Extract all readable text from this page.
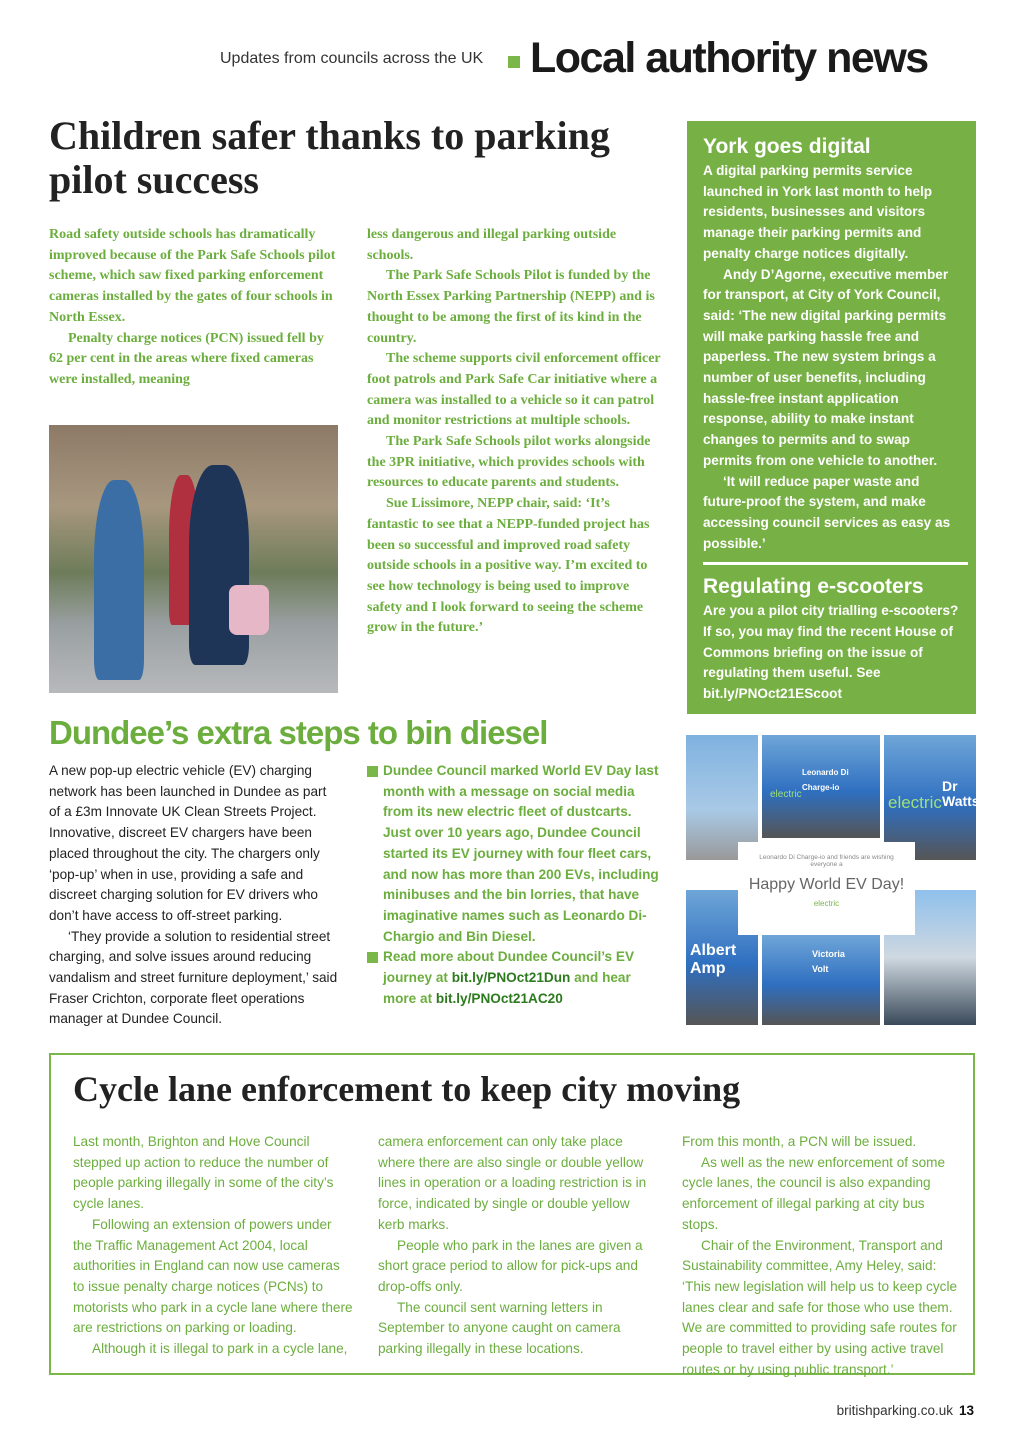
Updates from councils across the UK Local authority news
Children safer thanks to parking pilot success

Road safety outside schools has dramatically improved because of the Park Safe Schools pilot scheme, which saw fixed parking enforcement cameras installed by the gates of four schools in North Essex.

Penalty charge notices (PCN) issued fell by 62 per cent in the areas where fixed cameras were installed, meaning

less dangerous and illegal parking outside schools.

The Park Safe Schools Pilot is funded by the North Essex Parking Partnership (NEPP) and is thought to be among the first of its kind in the country.

The scheme supports civil enforcement officer foot patrols and Park Safe Car initiative where a camera was installed to a vehicle so it can patrol and monitor restrictions at multiple schools.

The Park Safe Schools pilot works alongside the 3PR initiative, which provides schools with resources to educate parents and students.

Sue Lissimore, NEPP chair, said: ‘It’s fantastic to see that a NEPP-funded project has been so successful and improved road safety outside schools in a positive way. I’m excited to see how technology is being used to improve safety and I look forward to seeing the scheme grow in the future.’

York goes digital

A digital parking permits service launched in York last month to help residents, businesses and visitors manage their parking permits and penalty charge notices digitally.

Andy D’Agorne, executive member for transport, at City of York Council, said: ‘The new digital parking permits will make parking hassle free and paperless. The new system brings a number of user benefits, including hassle-free instant application response, ability to make instant changes to permits and to swap permits from one vehicle to another.

‘It will reduce paper waste and future-proof the system, and make accessing council services as easy as possible.’

Regulating e-scooters
Are you a pilot city trialling e-scooters? If so, you may find the recent House of Commons briefing on the issue of regulating them useful. See
bit.ly/PNOct21EScoot
Dundee’s extra steps to bin diesel

A new pop-up electric vehicle (EV) charging network has been launched in Dundee as part of a £3m Innovate UK Clean Streets Project. Innovative, discreet EV chargers have been placed throughout the city. The chargers only ‘pop-up’ when in use, providing a safe and discreet charging solution for EV drivers who don’t have access to off-street parking.

‘They provide a solution to residential street charging, and solve issues around reducing vandalism and street furniture deployment,’ said Fraser Crichton, corporate fleet operations manager at Dundee Council.

Dundee Council marked World EV Day last month with a message on social media from its new electric fleet of dustcarts. Just over 10 years ago, Dundee Council started its EV journey with four fleet cars, and now has more than 200 EVs, including minibuses and the bin lorries, that have imaginative names such as Leonardo Di-Chargio and Bin Diesel.
Read more about Dundee Council’s EV journey at bit.ly/PNOct21Dun and hear more at bit.ly/PNOct21AC20
Leonardo Di Charge-io
electric	electric
Dr Watts
Albert Amp
Victoria Volt
Leonardo Di Charge-io and friends are wishing everyone a
Happy World EV Day!
electric
Cycle lane enforcement to keep city moving

Last month, Brighton and Hove Council stepped up action to reduce the number of people parking illegally in some of the city’s cycle lanes.

Following an extension of powers under the Traffic Management Act 2004, local authorities in England can now use cameras to issue penalty charge notices (PCNs) to motorists who park in a cycle lane where there are restrictions on parking or loading.

Although it is illegal to park in a cycle lane,

camera enforcement can only take place where there are also single or double yellow lines in operation or a loading restriction is in force, indicated by single or double yellow kerb marks.

People who park in the lanes are given a short grace period to allow for pick-ups and drop-offs only.

The council sent warning letters in September to anyone caught on camera parking illegally in these locations.

From this month, a PCN will be issued.

As well as the new enforcement of some cycle lanes, the council is also expanding enforcement of illegal parking at city bus stops.

Chair of the Environment, Transport and Sustainability committee, Amy Heley, said: ‘This new legislation will help us to keep cycle lanes clear and safe for those who use them. We are committed to providing safe routes for people to travel either by using active travel routes or by using public transport.’

britishparking.co.uk 13
